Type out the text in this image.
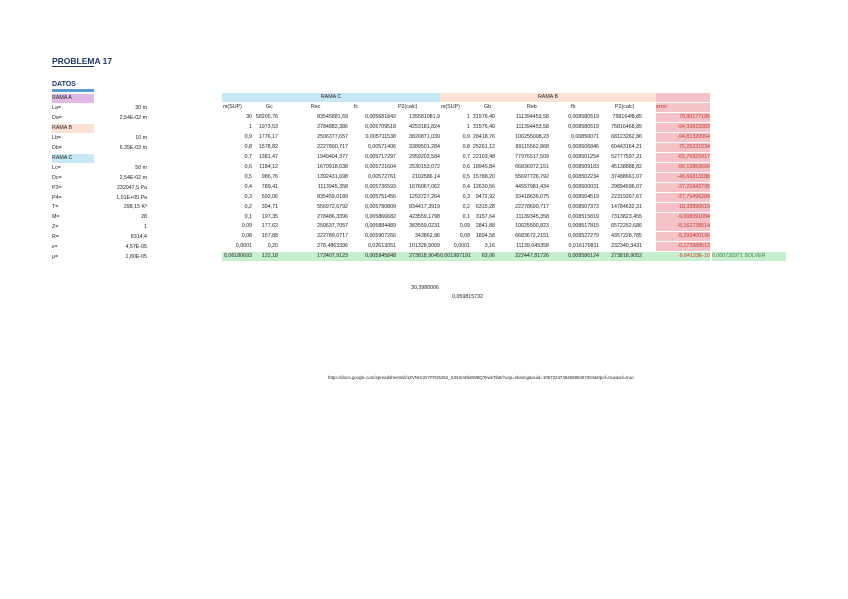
PROBLEMA 17
DATOS
RAMA A
La=	30 m
Da=	2,54E-02 m
RAMA B
Lb=	10 m
Db=	6,35E-03 m
RAMA C
Lc=	50 m
Dc=	2,54E-02 m
P3=	232047,5 Pa
P4=	1,01E+05 Pa
T=	298,15 Kº
M=	28
Z=	1
R=	8314,4
ε=	4,57E-05
μ=	1,80E-05
RAMA C	RAMA B
m(SUP)	Gc	Rec	fc	P2(calc)	m(SUP)	Gb	Reb	fb	P2(calc)	error
30 58205,76	83545881,69	0,005681842	135581081,9	1 31576,40	111394453,58	0,008580519	758164f8,85	78,80177185
1	1973,53	2784882,386	0,005709518	4253181,824	1 31576,40	111394453,58	0,008580519	75816468,85	-94,39815683
0,9	1776,17	2506377,657	0,005711538	3820871,039	0,9 28418,76	100255008,23	0,00850071	68123262,86	-94,81320964
0,8	1578,82	2227890,717	0,00571406	3389501,284	0,8 25261,12	89115562,868	0,008506846	60443164,21	-75,25231534
0,7	1381,47	1949404,377	0,005717297	2959203,584	0,7 22103,48	77976517,509	0,008501254	52777597,21	-65,76925917
0,6	1184,12	1670918,038	0,005721604	2530153,072	0,6 18945,84	66836972,151	0,008509183	45138888,82	-56,19869666
0,5	986,76	1392431,698	0,00572761	2102586,14	0,5 15788,20	55697726,792	0,008502234	37488661,07	-46,66813188
0,4	789,41	1113945,358	0,005736593	1676067,062	0,4 12630,56	44557981,434	0,008500031	29894596,07	-37,21843795
0,3	592,06	835459,0189	0,005751456	1253727,264	0,3	9472,92	33418636,075	0,008504519	22319267,67	-27,79496289
0,2	394,71	556972,6792	0,005780809	834417,3919	0,2	6315,28	22278690,717	0,008507373	14784632,31	-18,33890515
0,1	197,35	278486,3396	0,005866682	423559,1798	0,1	3157,64	11139345,358	0,008515819	7313823,455	-9,008091084
0,09	177,62	250637,7057	0,005884489	383559,0231	0,09	2841,88	10025500,823	0,008517815	6572252,686	-8,162738514
0,08	157,88	222789,0717	0,005907266	343862,86	0,08	1894,58	6683672,2151	0,008527279	4357228,785	-5,293400196
0,0001	0,20	278,4863396	0,02613051	101328,5009	0,0001	3,16	11139,045358	0,016170811	232340,3431	-0,173988513
0,06180693	122,18	172407,9123	0,005945848	273818,9045 0,001987191	63,06	222447,81726	0,008586124	273818,9052	-9,64133E-10 0,000730971 SOLVER
30,3980006
0,059815732
https://docs.google.com/spreadsheets/d/1ZVNHr2zYFR25252_IUNSmDk8W8QTkwkTib8/?usp=sharing&ouid=105722474845989407304&rtpof=true&sd=true
